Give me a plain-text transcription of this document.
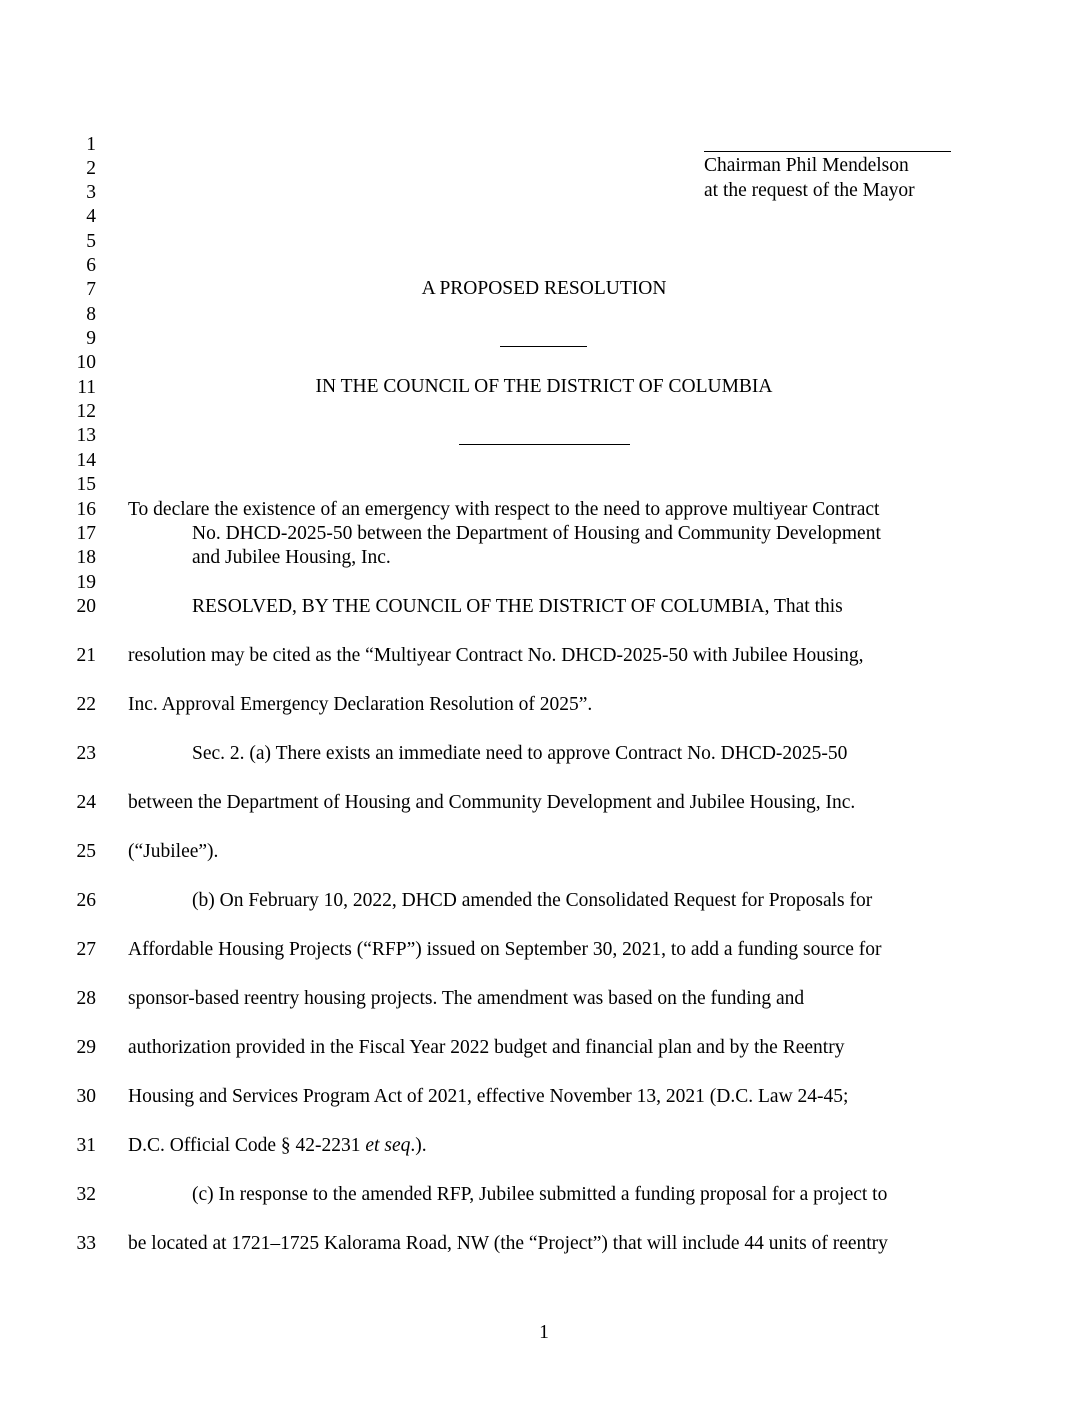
1
2
3
4
5
6
7
8
9
10
11
12
13
14
15
16
17
18
19
20
21
22
23
24
25
26
27
28
29
30
31
32
33
Chairman Phil Mendelson
at the request of the Mayor
A PROPOSED RESOLUTION
IN THE COUNCIL OF THE DISTRICT OF COLUMBIA
To declare the existence of an emergency with respect to the need to approve multiyear Contract
No. DHCD-2025-50 between the Department of Housing and Community Development
and Jubilee Housing, Inc.
RESOLVED, BY THE COUNCIL OF THE DISTRICT OF COLUMBIA, That this
resolution may be cited as the “Multiyear Contract No. DHCD-2025-50 with Jubilee Housing,
Inc. Approval Emergency Declaration Resolution of 2025”.
Sec. 2. (a) There exists an immediate need to approve Contract No. DHCD-2025-50
between the Department of Housing and Community Development and Jubilee Housing, Inc.
(“Jubilee”).
(b) On February 10, 2022, DHCD amended the Consolidated Request for Proposals for
Affordable Housing Projects (“RFP”) issued on September 30, 2021, to add a funding source for
sponsor-based reentry housing projects. The amendment was based on the funding and
authorization provided in the Fiscal Year 2022 budget and financial plan and by the Reentry
Housing and Services Program Act of 2021, effective November 13, 2021 (D.C. Law 24-45;
D.C. Official Code § 42-2231 et seq.).
(c) In response to the amended RFP, Jubilee submitted a funding proposal for a project to
be located at 1721–1725 Kalorama Road, NW (the “Project”) that will include 44 units of reentry
1
